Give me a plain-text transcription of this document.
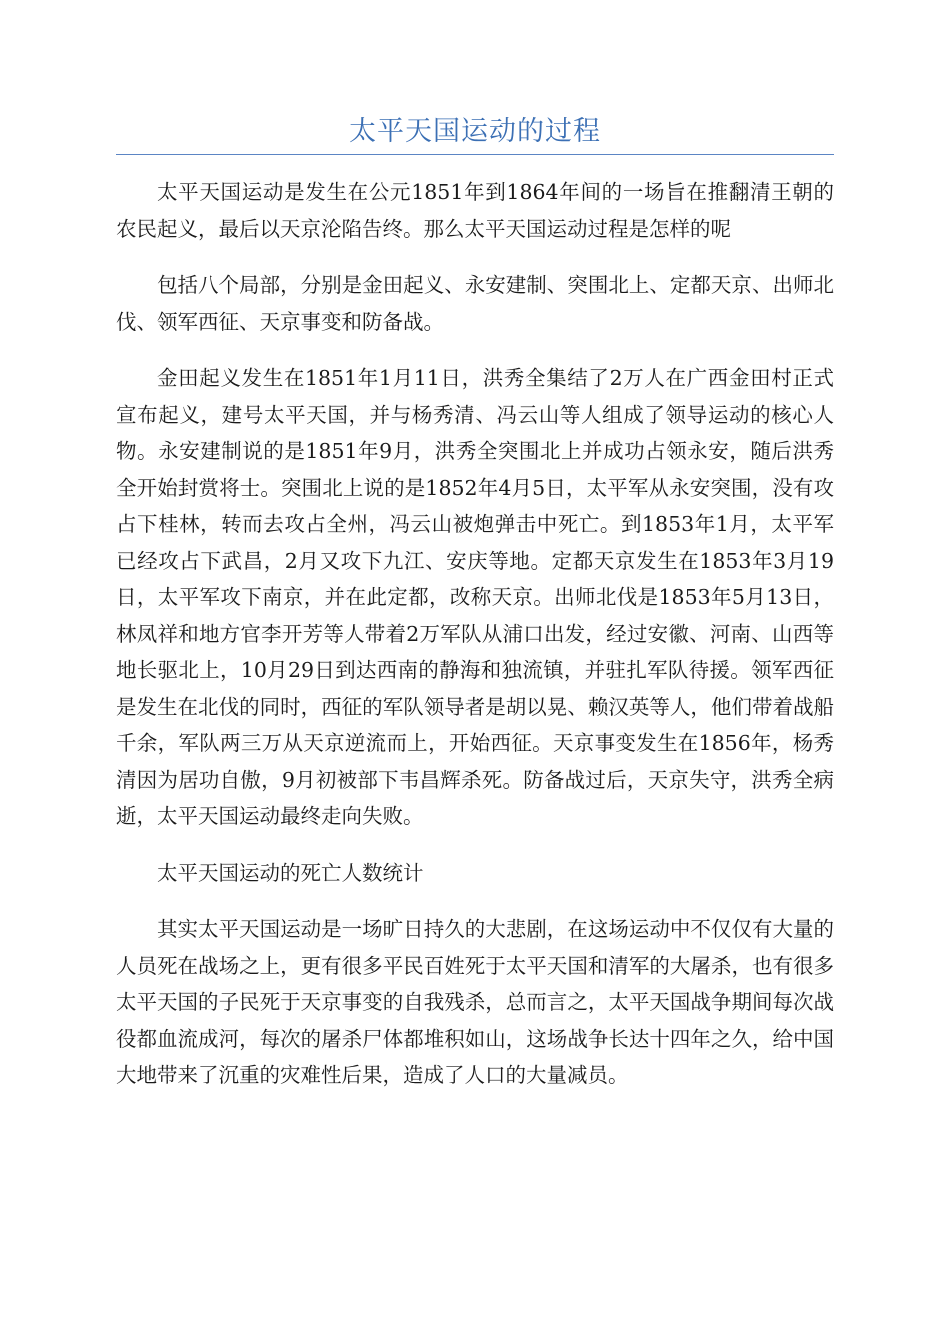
太平天国运动的过程

太平天国运动是发生在公元1851年到1864年间的一场旨在推翻清王朝的农民起义，最后以天京沦陷告终。那么太平天国运动过程是怎样的呢

包括八个局部，分别是金田起义、永安建制、突围北上、定都天京、出师北伐、领军西征、天京事变和防备战。

金田起义发生在1851年1月11日，洪秀全集结了2万人在广西金田村正式宣布起义，建号太平天国，并与杨秀清、冯云山等人组成了领导运动的核心人物。永安建制说的是1851年9月，洪秀全突围北上并成功占领永安，随后洪秀全开始封赏将士。突围北上说的是1852年4月5日，太平军从永安突围，没有攻占下桂林，转而去攻占全州，冯云山被炮弹击中死亡。到1853年1月，太平军已经攻占下武昌，2月又攻下九江、安庆等地。定都天京发生在1853年3月19日，太平军攻下南京，并在此定都，改称天京。出师北伐是1853年5月13日，林凤祥和地方官李开芳等人带着2万军队从浦口出发，经过安徽、河南、山西等地长驱北上，10月29日到达西南的静海和独流镇，并驻扎军队待援。领军西征是发生在北伐的同时，西征的军队领导者是胡以晃、赖汉英等人，他们带着战船千余，军队两三万从天京逆流而上，开始西征。天京事变发生在1856年，杨秀清因为居功自傲，9月初被部下韦昌辉杀死。防备战过后，天京失守，洪秀全病逝，太平天国运动最终走向失败。

太平天国运动的死亡人数统计

其实太平天国运动是一场旷日持久的大悲剧，在这场运动中不仅仅有大量的人员死在战场之上，更有很多平民百姓死于太平天国和清军的大屠杀，也有很多太平天国的子民死于天京事变的自我残杀，总而言之，太平天国战争期间每次战役都血流成河，每次的屠杀尸体都堆积如山，这场战争长达十四年之久，给中国大地带来了沉重的灾难性后果，造成了人口的大量减员。
